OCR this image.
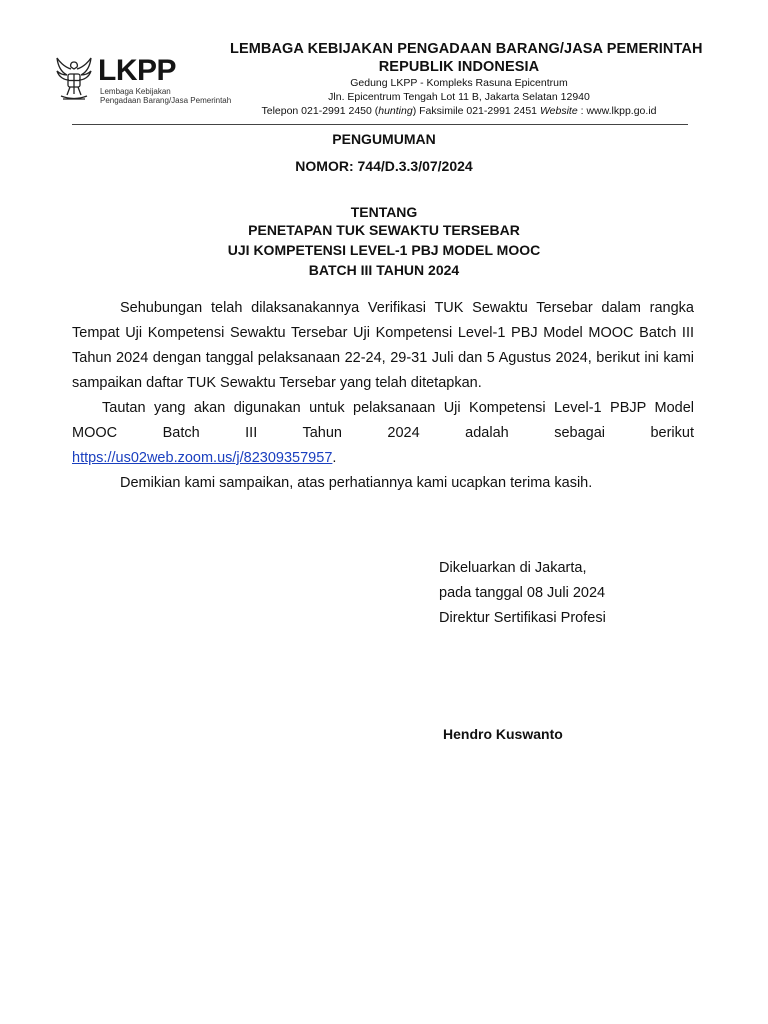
LKPP
Lembaga Kebijakan
Pengadaan Barang/Jasa Pemerintah
LEMBAGA KEBIJAKAN PENGADAAN BARANG/JASA PEMERINTAH
REPUBLIK INDONESIA
Gedung LKPP - Kompleks Rasuna Epicentrum
Jln. Epicentrum Tengah Lot 11 B, Jakarta Selatan 12940
Telepon 021-2991 2450 (hunting) Faksimile 021-2991 2451 Website : www.lkpp.go.id
PENGUMUMAN
NOMOR: 744/D.3.3/07/2024
TENTANG
PENETAPAN TUK SEWAKTU TERSEBAR
UJI KOMPETENSI LEVEL-1 PBJ MODEL MOOC
BATCH III TAHUN 2024

Sehubungan telah dilaksanakannya Verifikasi TUK Sewaktu Tersebar dalam rangka Tempat Uji Kompetensi Sewaktu Tersebar Uji Kompetensi Level-1 PBJ Model MOOC Batch III Tahun 2024 dengan tanggal pelaksanaan 22-24, 29-31 Juli dan 5 Agustus 2024, berikut ini kami sampaikan daftar TUK Sewaktu Tersebar yang telah ditetapkan.

Tautan yang akan digunakan untuk pelaksanaan Uji Kompetensi Level-1 PBJP Model MOOC Batch III Tahun 2024 adalah sebagai berikut

https://us02web.zoom.us/j/82309357957.

Demikian kami sampaikan, atas perhatiannya kami ucapkan terima kasih.

Dikeluarkan di Jakarta,
pada tanggal 08 Juli 2024
Direktur Sertifikasi Profesi
Hendro Kuswanto
